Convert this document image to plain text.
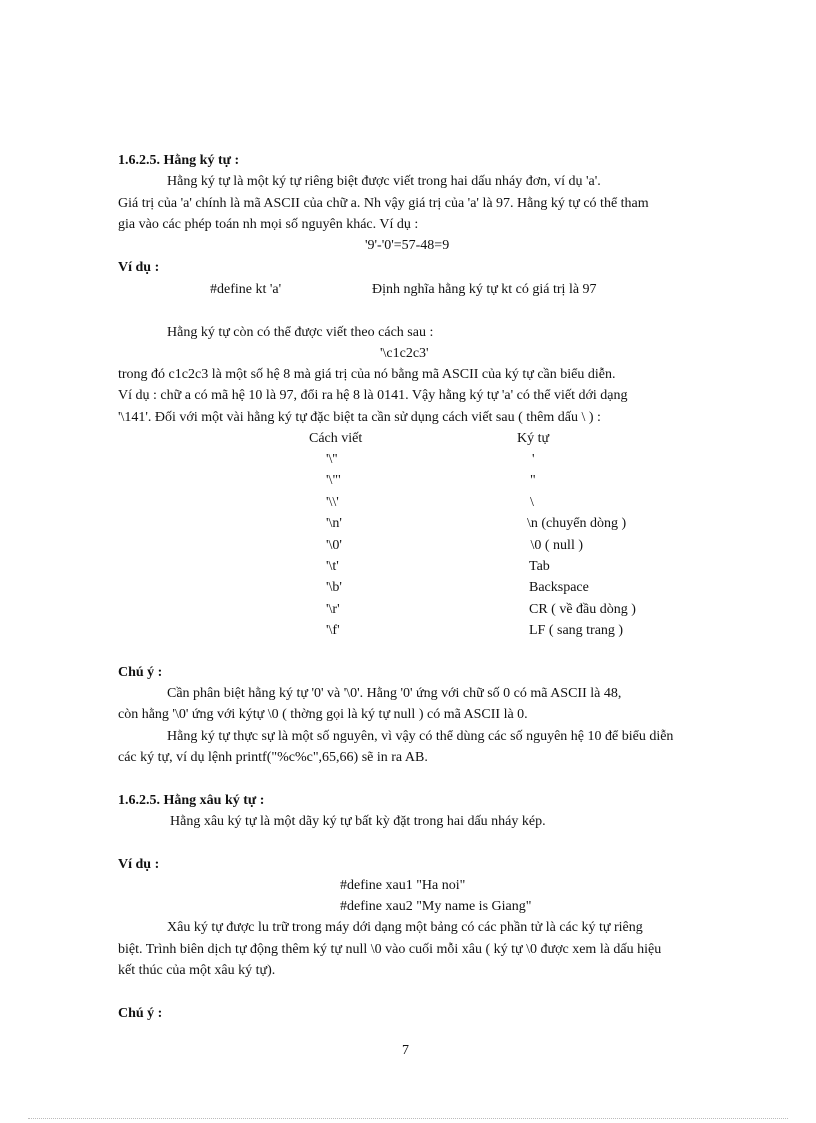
1.6.2.5. Hằng ký tự :
Hằng ký tự là một ký tự riêng biệt được viết trong hai dấu nháy đơn, ví dụ 'a'.
Giá trị của 'a' chính là mã ASCII của chữ a. Nh vậy giá trị của 'a' là 97. Hằng ký tự có thể tham
gia vào các phép toán nh mọi số nguyên khác. Ví dụ :
'9'-'0'=57-48=9
Ví dụ :
#define kt 'a'	Định nghĩa hằng ký tự kt có giá trị là 97
Hằng ký tự còn có thể được viết theo cách sau :
'\c1c2c3'
trong đó c1c2c3 là một số hệ 8 mà giá trị của nó bằng mã ASCII của ký tự cần biểu diễn.
Ví dụ : chữ a có mã hệ 10 là 97, đổi ra hệ 8 là 0141. Vậy hằng ký tự 'a' có thể viết dới dạng
'\141'. Đối với một vài hằng ký tự đặc biệt ta cần sử dụng cách viết sau ( thêm dấu \ ) :
Cách viết	Ký tự
'\''	'
'\"'	"
'\\'	\
'\n'	\n (chuyển dòng )
'\0'	\0 ( null )
'\t'	Tab
'\b'	Backspace
'\r'	CR ( về đầu dòng )
'\f'	LF ( sang trang )
Chú ý :
Cần phân biệt hằng ký tự '0' và '\0'. Hằng '0' ứng với chữ số 0 có mã ASCII là 48,
còn hằng '\0' ứng với kýtự \0 ( thờng gọi là ký tự null ) có mã ASCII là 0.
Hằng ký tự thực sự là một số nguyên, vì vậy có thể dùng các số nguyên hệ 10 để biểu diễn
các ký tự, ví dụ lệnh printf("%c%c",65,66) sẽ in ra AB.
1.6.2.5. Hằng xâu ký tự :
Hằng xâu ký tự là một dãy ký tự bất kỳ đặt trong hai dấu nháy kép.
Ví dụ :
#define xau1 "Ha noi"
#define xau2 "My name is Giang"
Xâu ký tự được lu trữ trong máy dới dạng một bảng có các phần tử là các ký tự riêng
biệt. Trình biên dịch tự động thêm ký tự null \0 vào cuối mỗi xâu ( ký tự \0 được xem là dấu hiệu
kết thúc của một xâu ký tự).
Chú ý :
7
